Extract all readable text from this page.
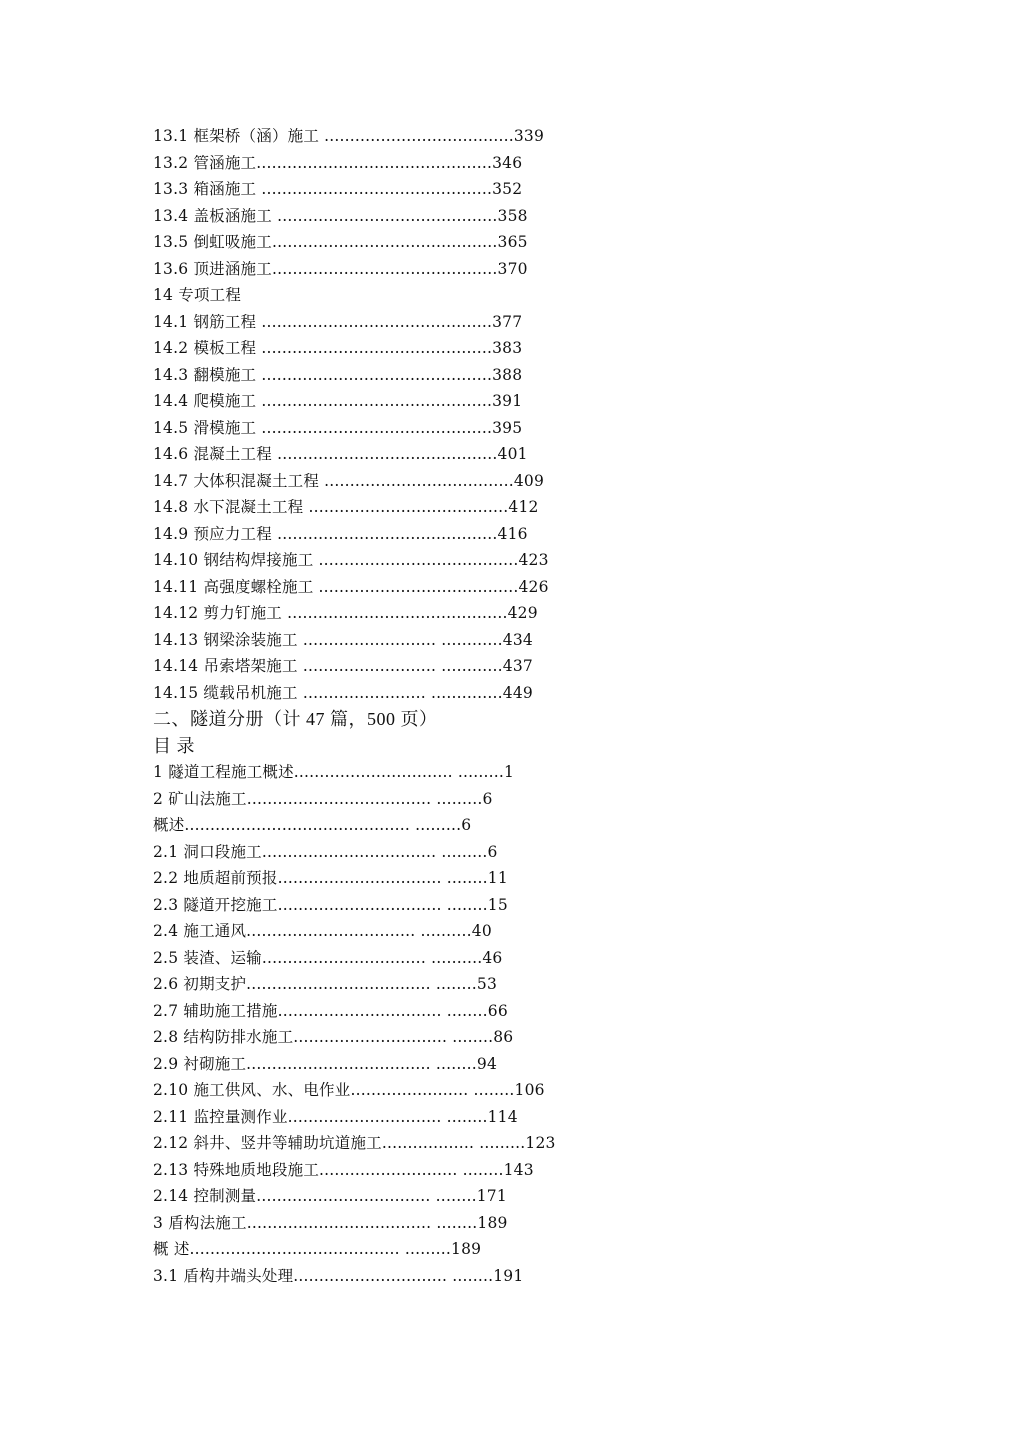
13.1 框架桥（涵）施工 .....................................339
13.2 管涵施工..............................................346
13.3 箱涵施工 .............................................352
13.4 盖板涵施工 ...........................................358
13.5 倒虹吸施工............................................365
13.6 顶进涵施工............................................370
14 专项工程
14.1 钢筋工程 .............................................377
14.2 模板工程 .............................................383
14.3 翻模施工 .............................................388
14.4 爬模施工 .............................................391
14.5 滑模施工 .............................................395
14.6 混凝土工程 ...........................................401
14.7 大体积混凝土工程 .....................................409
14.8 水下混凝土工程 .......................................412
14.9 预应力工程 ...........................................416
14.10 钢结构焊接施工 .......................................423
14.11 高强度螺栓施工 .......................................426
14.12 剪力钉施工 ...........................................429
14.13 钢梁涂装施工 .......................... ............434
14.14 吊索塔架施工 .......................... ............437
14.15 缆载吊机施工 ........................ ..............449
二、隧道分册（计 47 篇，500 页）
目 录
1 隧道工程施工概述............................... .........1
2 矿山法施工.................................... .........6
概述............................................ .........6
2.1 洞口段施工.................................. .........6
2.2 地质超前预报................................ ........11
2.3 隧道开挖施工................................ ........15
2.4 施工通风................................. ..........40
2.5 装渣、运输................................ ..........46
2.6 初期支护.................................... ........53
2.7 辅助施工措施................................ ........66
2.8 结构防排水施工.............................. ........86
2.9 衬砌施工.................................... ........94
2.10 施工供风、水、电作业....................... ........106
2.11 监控量测作业.............................. ........114
2.12 斜井、竖井等辅助坑道施工.................. .........123
2.13 特殊地质地段施工........................... ........143
2.14 控制测量.................................. ........171
3 盾构法施工.................................... ........189
概 述......................................... .........189
3.1 盾构井端头处理.............................. ........191
